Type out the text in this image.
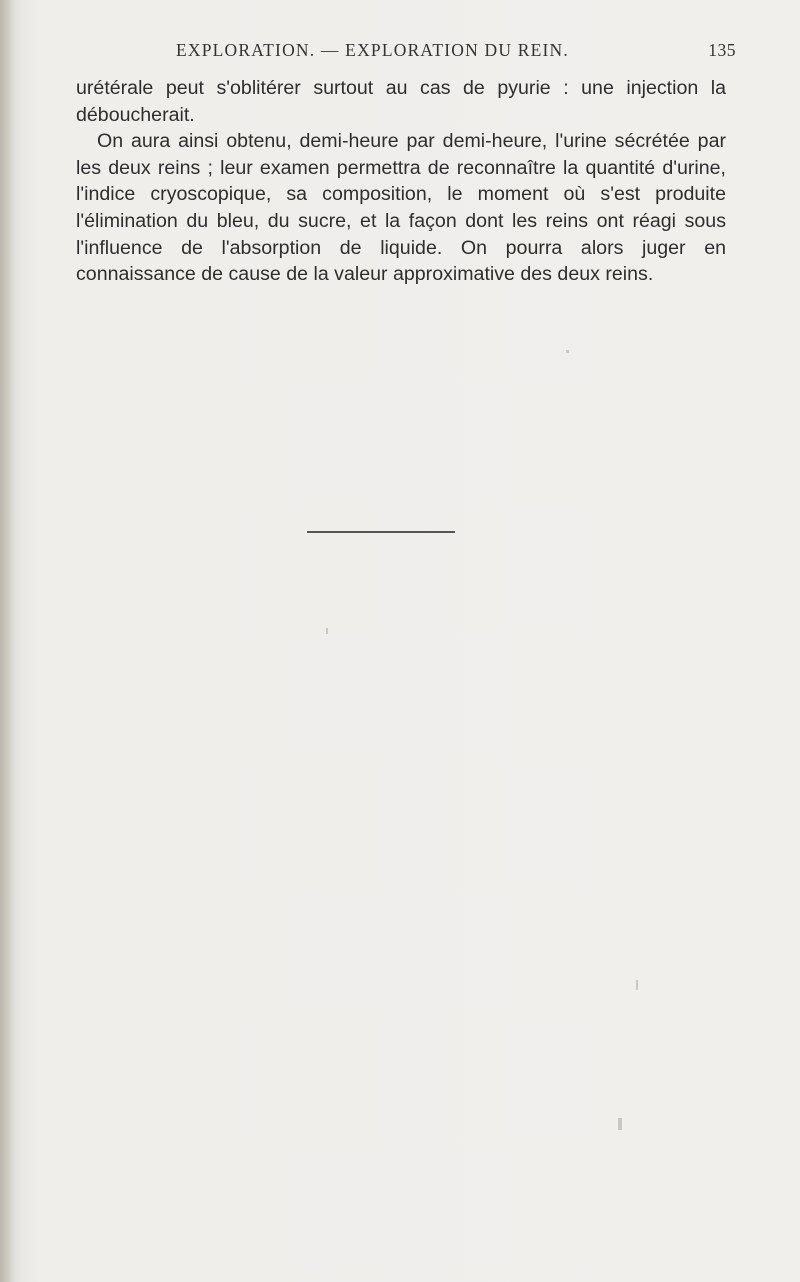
EXPLORATION. — EXPLORATION DU REIN.	135

urétérale peut s'oblitérer surtout au cas de pyurie : une injection la déboucherait.

On aura ainsi obtenu, demi-heure par demi-heure, l'urine sécrétée par les deux reins ; leur examen permettra de reconnaître la quantité d'urine, l'indice cryoscopique, sa composition, le moment où s'est produite l'élimination du bleu, du sucre, et la façon dont les reins ont réagi sous l'influence de l'absorption de liquide. On pourra alors juger en connaissance de cause de la valeur approximative des deux reins.
